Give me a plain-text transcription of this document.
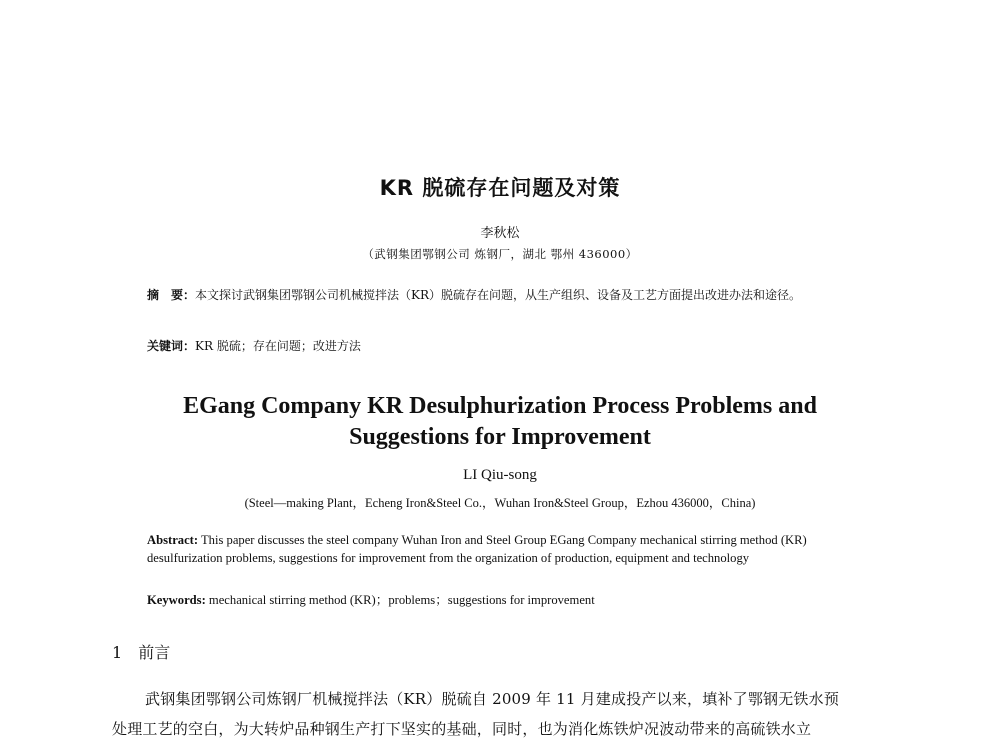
KR 脱硫存在问题及对策
李秋松
（武钢集团鄂钢公司 炼钢厂，湖北 鄂州 436000）
摘　要：本文探讨武钢集团鄂钢公司机械搅拌法（KR）脱硫存在问题，从生产组织、设备及工艺方面提出改进办法和途径。
关键词：KR 脱硫；存在问题；改进方法
EGang Company KR Desulphurization Process Problems and
Suggestions for Improvement
LI Qiu-song
(Steel—making Plant，Echeng Iron&Steel Co.，Wuhan Iron&Steel Group，Ezhou 436000，China)
Abstract: This paper discusses the steel company Wuhan Iron and Steel Group EGang Company mechanical stirring method (KR) desulfurization problems, suggestions for improvement from the organization of production, equipment and technology
Keywords: mechanical stirring method (KR)；problems；suggestions for improvement
1 前言
武钢集团鄂钢公司炼钢厂机械搅拌法（KR）脱硫自 2009 年 11 月建成投产以来，填补了鄂钢无铁水预
处理工艺的空白，为大转炉品种钢生产打下坚实的基础，同时，也为消化炼铁炉况波动带来的高硫铁水立
